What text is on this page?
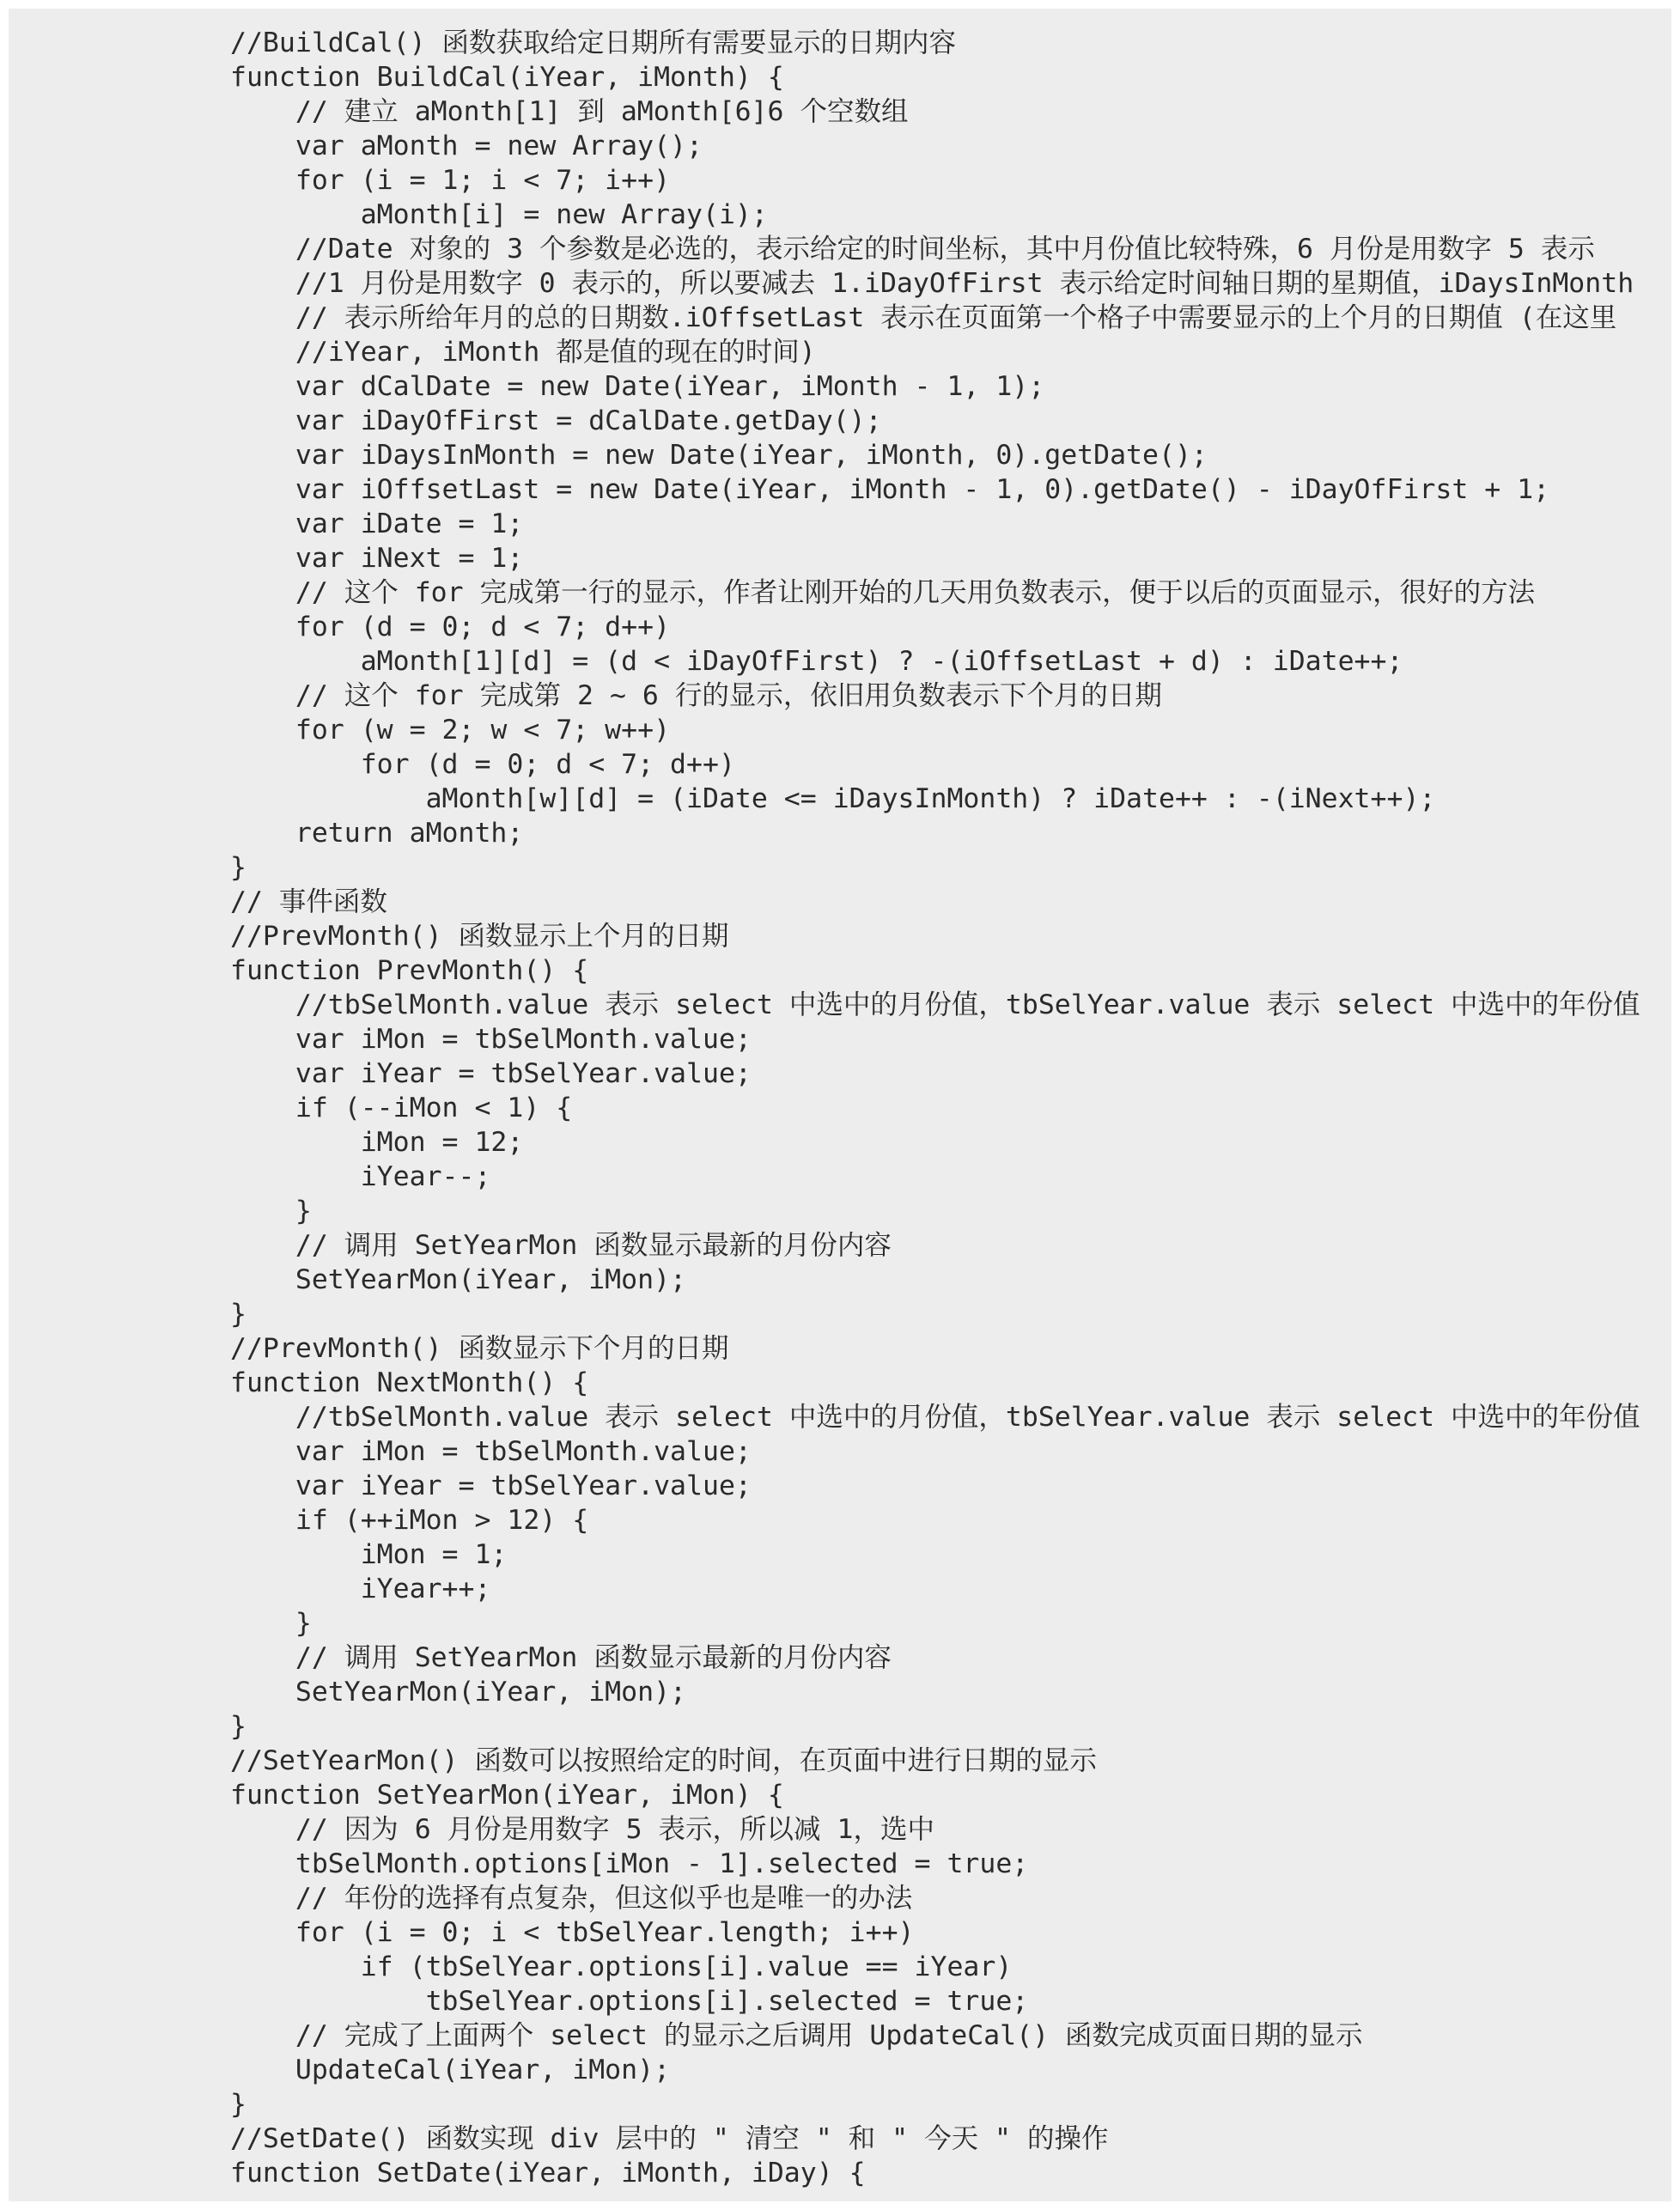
//BuildCal() 函数获取给定日期所有需要显示的日期内容
function BuildCal(iYear, iMonth) {
// 建立 aMonth[1] 到 aMonth[6]6 个空数组
var aMonth = new Array();
for (i = 1; i < 7; i++)
aMonth[i] = new Array(i);
//Date 对象的 3 个参数是必选的，表示给定的时间坐标，其中月份值比较特殊，6 月份是用数字 5 表示
//1 月份是用数字 0 表示的，所以要减去 1.iDayOfFirst 表示给定时间轴日期的星期值，iDaysInMonth
// 表示所给年月的总的日期数.iOffsetLast 表示在页面第一个格子中需要显示的上个月的日期值 (在这里
//iYear, iMonth 都是值的现在的时间)
var dCalDate = new Date(iYear, iMonth - 1, 1);
var iDayOfFirst = dCalDate.getDay();
var iDaysInMonth = new Date(iYear, iMonth, 0).getDate();
var iOffsetLast = new Date(iYear, iMonth - 1, 0).getDate() - iDayOfFirst + 1;
var iDate = 1;
var iNext = 1;
// 这个 for 完成第一行的显示，作者让刚开始的几天用负数表示，便于以后的页面显示，很好的方法
for (d = 0; d < 7; d++)
aMonth[1][d] = (d < iDayOfFirst) ? -(iOffsetLast + d) : iDate++;
// 这个 for 完成第 2 ~ 6 行的显示，依旧用负数表示下个月的日期
for (w = 2; w < 7; w++)
for (d = 0; d < 7; d++)
aMonth[w][d] = (iDate <= iDaysInMonth) ? iDate++ : -(iNext++);
return aMonth;
}
// 事件函数
//PrevMonth() 函数显示上个月的日期
function PrevMonth() {
//tbSelMonth.value 表示 select 中选中的月份值，tbSelYear.value 表示 select 中选中的年份值
var iMon = tbSelMonth.value;
var iYear = tbSelYear.value;
if (--iMon < 1) {
iMon = 12;
iYear--;
}
// 调用 SetYearMon 函数显示最新的月份内容
SetYearMon(iYear, iMon);
}
//PrevMonth() 函数显示下个月的日期
function NextMonth() {
//tbSelMonth.value 表示 select 中选中的月份值，tbSelYear.value 表示 select 中选中的年份值
var iMon = tbSelMonth.value;
var iYear = tbSelYear.value;
if (++iMon > 12) {
iMon = 1;
iYear++;
}
// 调用 SetYearMon 函数显示最新的月份内容
SetYearMon(iYear, iMon);
}
//SetYearMon() 函数可以按照给定的时间，在页面中进行日期的显示
function SetYearMon(iYear, iMon) {
// 因为 6 月份是用数字 5 表示，所以减 1，选中
tbSelMonth.options[iMon - 1].selected = true;
// 年份的选择有点复杂，但这似乎也是唯一的办法
for (i = 0; i < tbSelYear.length; i++)
if (tbSelYear.options[i].value == iYear)
tbSelYear.options[i].selected = true;
// 完成了上面两个 select 的显示之后调用 UpdateCal() 函数完成页面日期的显示
UpdateCal(iYear, iMon);
}
//SetDate() 函数实现 div 层中的 " 清空 " 和 " 今天 " 的操作
function SetDate(iYear, iMonth, iDay) {
